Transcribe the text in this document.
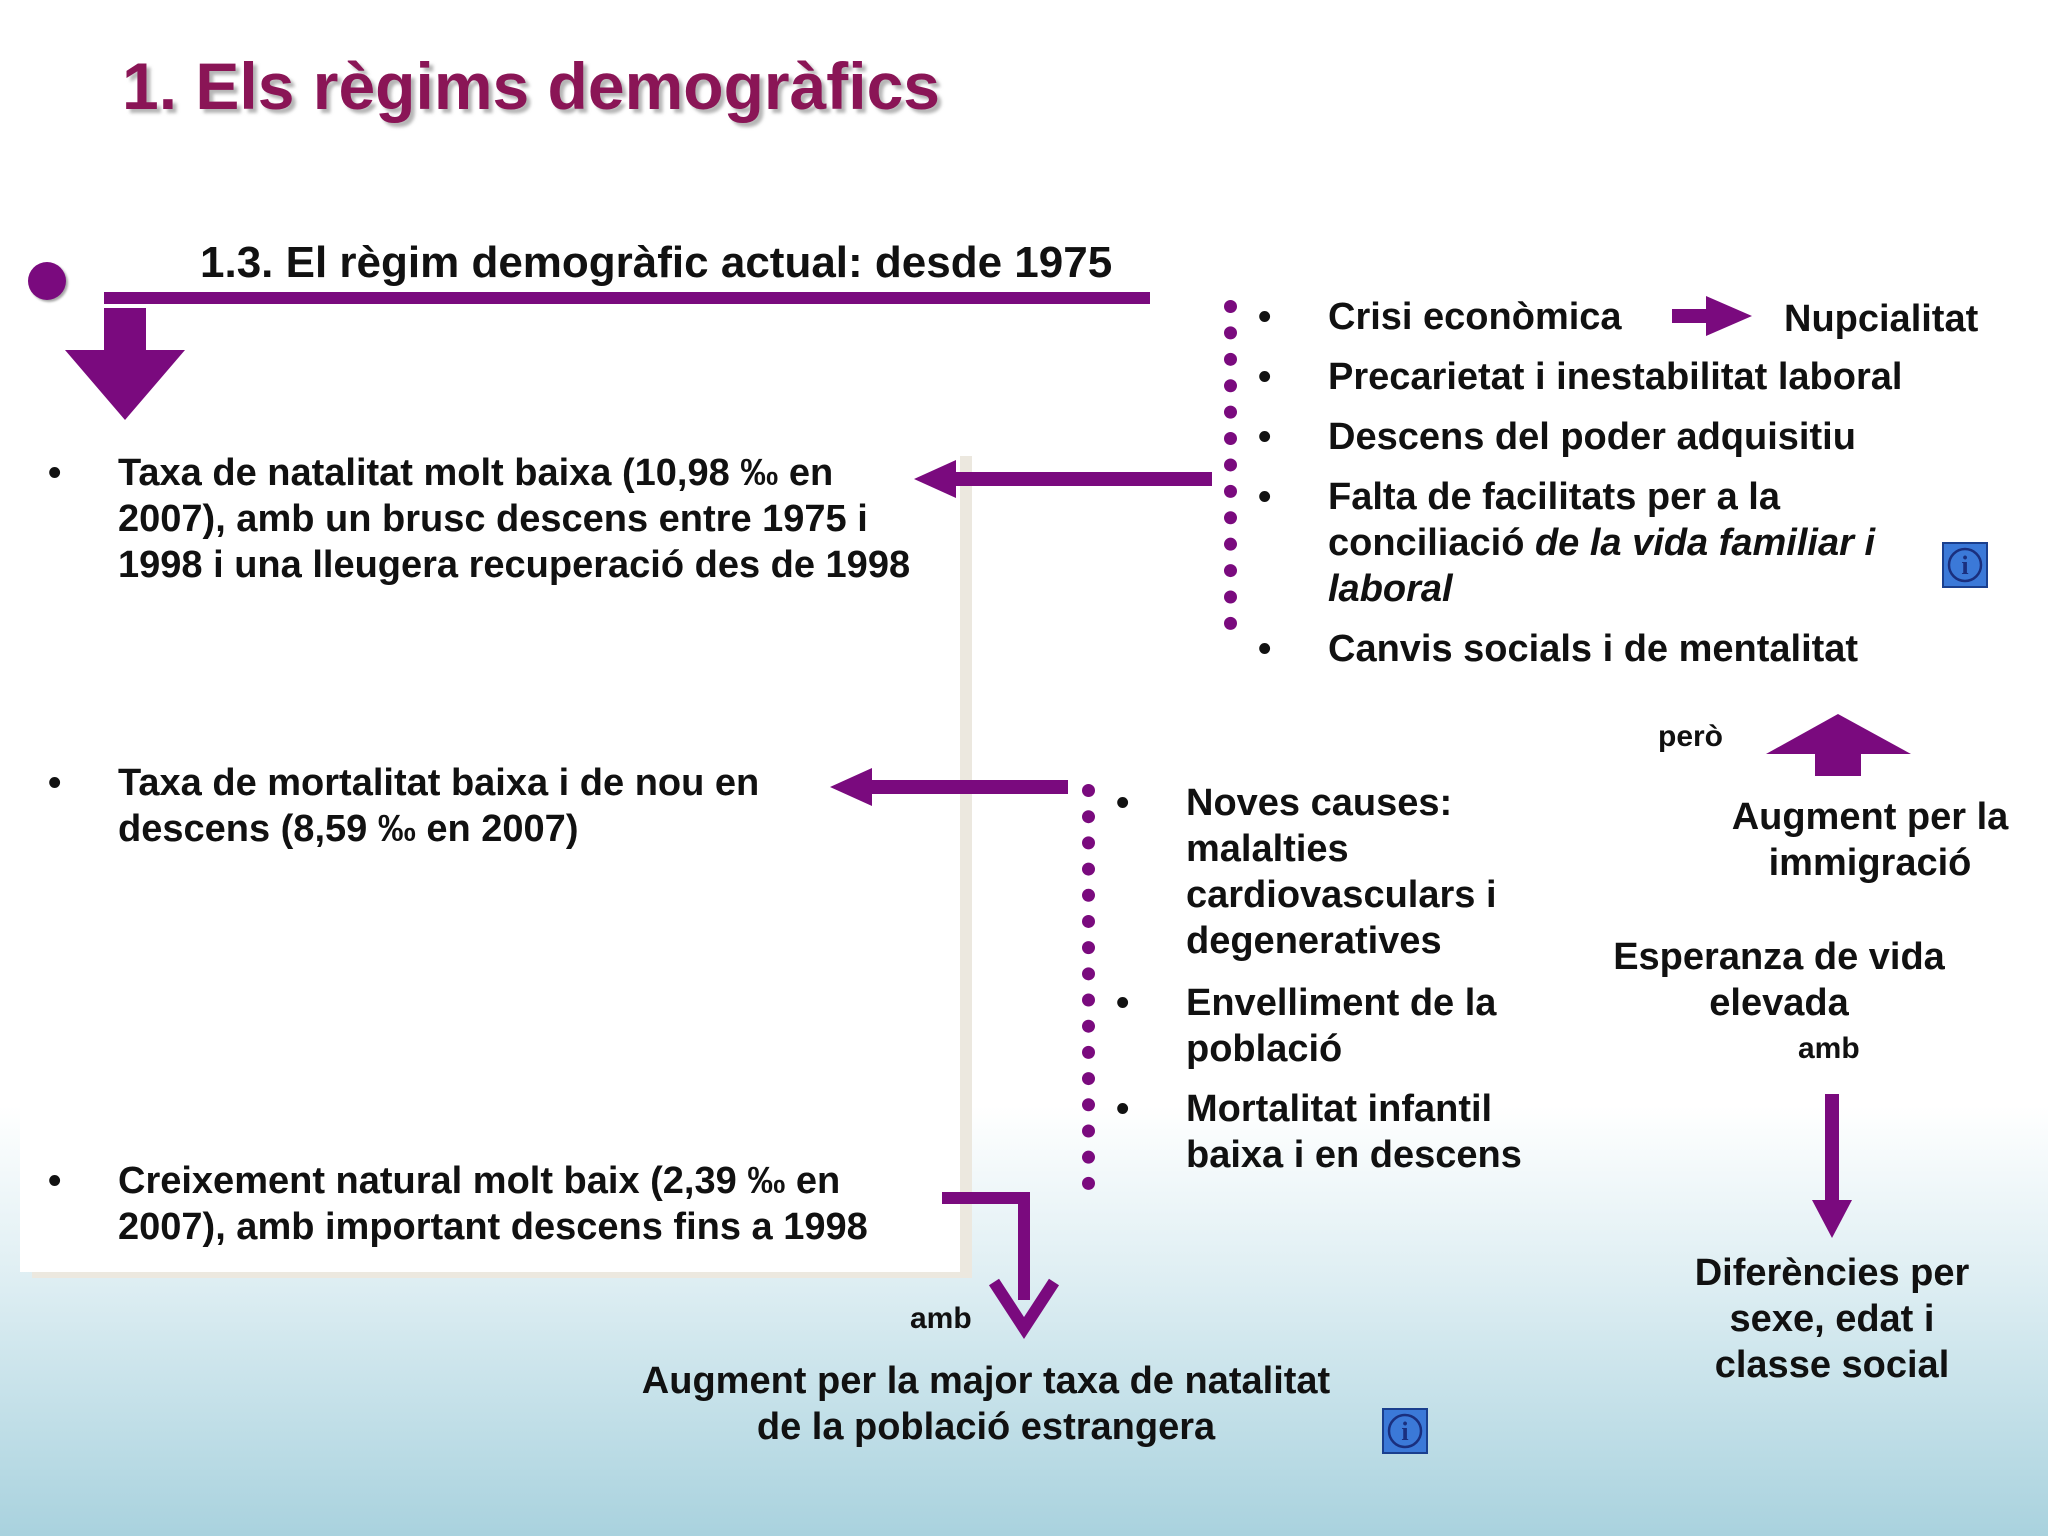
1. Els règims demogràfics
1.3. El règim demogràfic actual: desde 1975
• Taxa de natalitat molt baixa (10,98 ‰ en 2007), amb un brusc descens entre 1975 i 1998 i una lleugera recuperació des de 1998
• Taxa de mortalitat baixa i de nou en descens (8,59 ‰ en 2007)
• Creixement natural molt baix (2,39 ‰ en 2007), amb important descens fins a 1998
• Crisi econòmica
• Precarietat i inestabilitat laboral
• Descens del poder adquisitiu
• Falta de facilitats per a la conciliació de la vida familiar i laboral
• Canvis socials i de mentalitat
Nupcialitat
i
però
Augment per la immigració
• Noves causes: malalties cardiovasculars i degeneratives
• Envelliment de la població
• Mortalitat infantil baixa i en descens
Esperanza de vida elevada
amb
Diferències per sexe, edat i classe social
amb
Augment per la major taxa de natalitat de la població estrangera	i
